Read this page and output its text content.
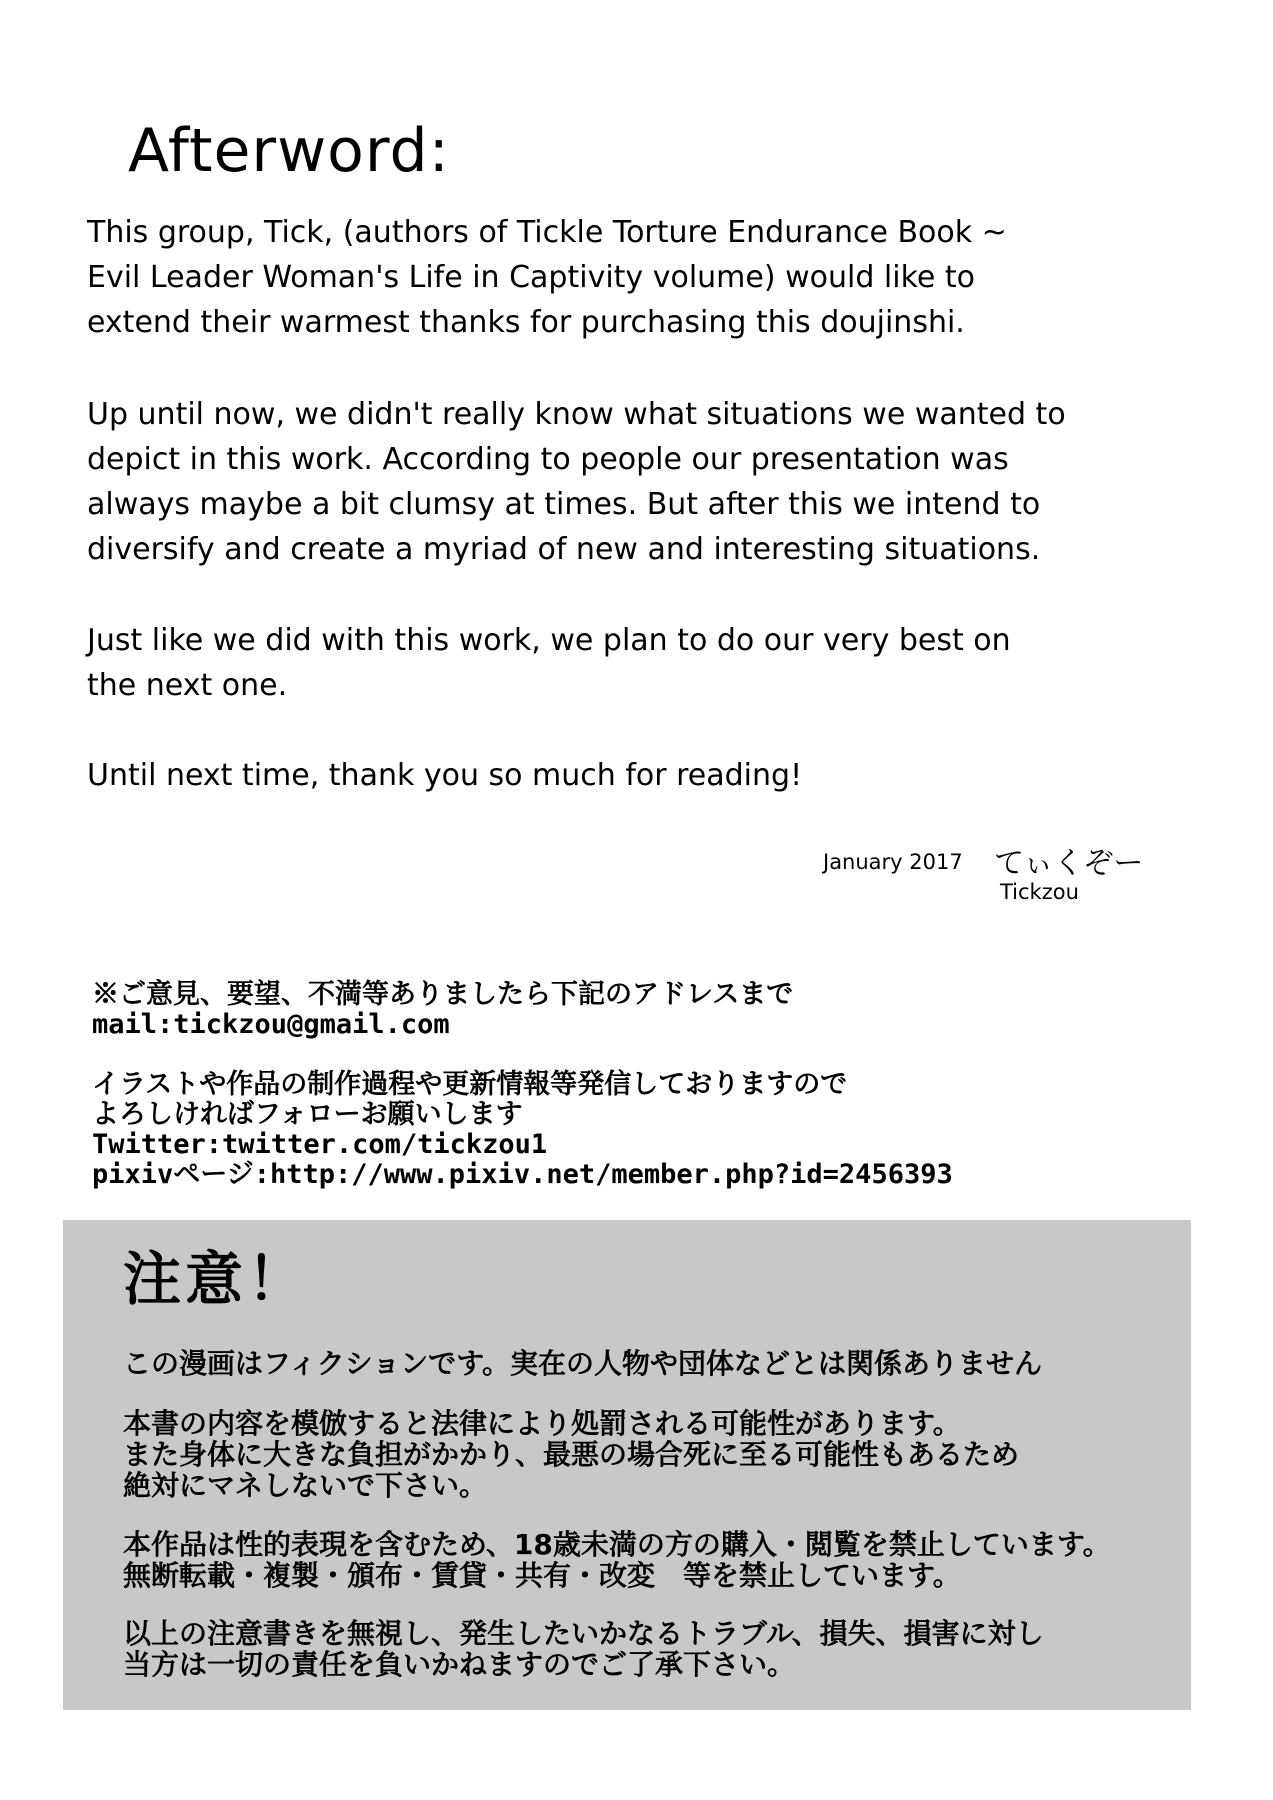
Afterword:
This group, Tick, (authors of Tickle Torture Endurance Book ~
Evil Leader Woman's Life in Captivity volume) would like to
extend their warmest thanks for purchasing this doujinshi.
Up until now, we didn't really know what situations we wanted to
depict in this work. According to people our presentation was
always maybe a bit clumsy at times. But after this we intend to
diversify and create a myriad of new and interesting situations.
Just like we did with this work, we plan to do our very best on
the next one.
Until next time, thank you so much for reading!
January 2017 てぃくぞー
Tickzou
※ご意見、要望、不満等ありましたら下記のアドレスまで
mail:tickzou@gmail.com
イラストや作品の制作過程や更新情報等発信しておりますので
よろしければフォローお願いします
Twitter:twitter.com/tickzou1
pixivページ:http://www.pixiv.net/member.php?id=2456393
注意！
この漫画はフィクションです。実在の人物や団体などとは関係ありません
本書の内容を模倣すると法律により処罰される可能性があります。
また身体に大きな負担がかかり、最悪の場合死に至る可能性もあるため
絶対にマネしないで下さい。
本作品は性的表現を含むため、18歳未満の方の購入・閲覧を禁止しています。
無断転載・複製・頒布・賃貸・共有・改変　等を禁止しています。
以上の注意書きを無視し、発生したいかなるトラブル、損失、損害に対し
当方は一切の責任を負いかねますのでご了承下さい。
